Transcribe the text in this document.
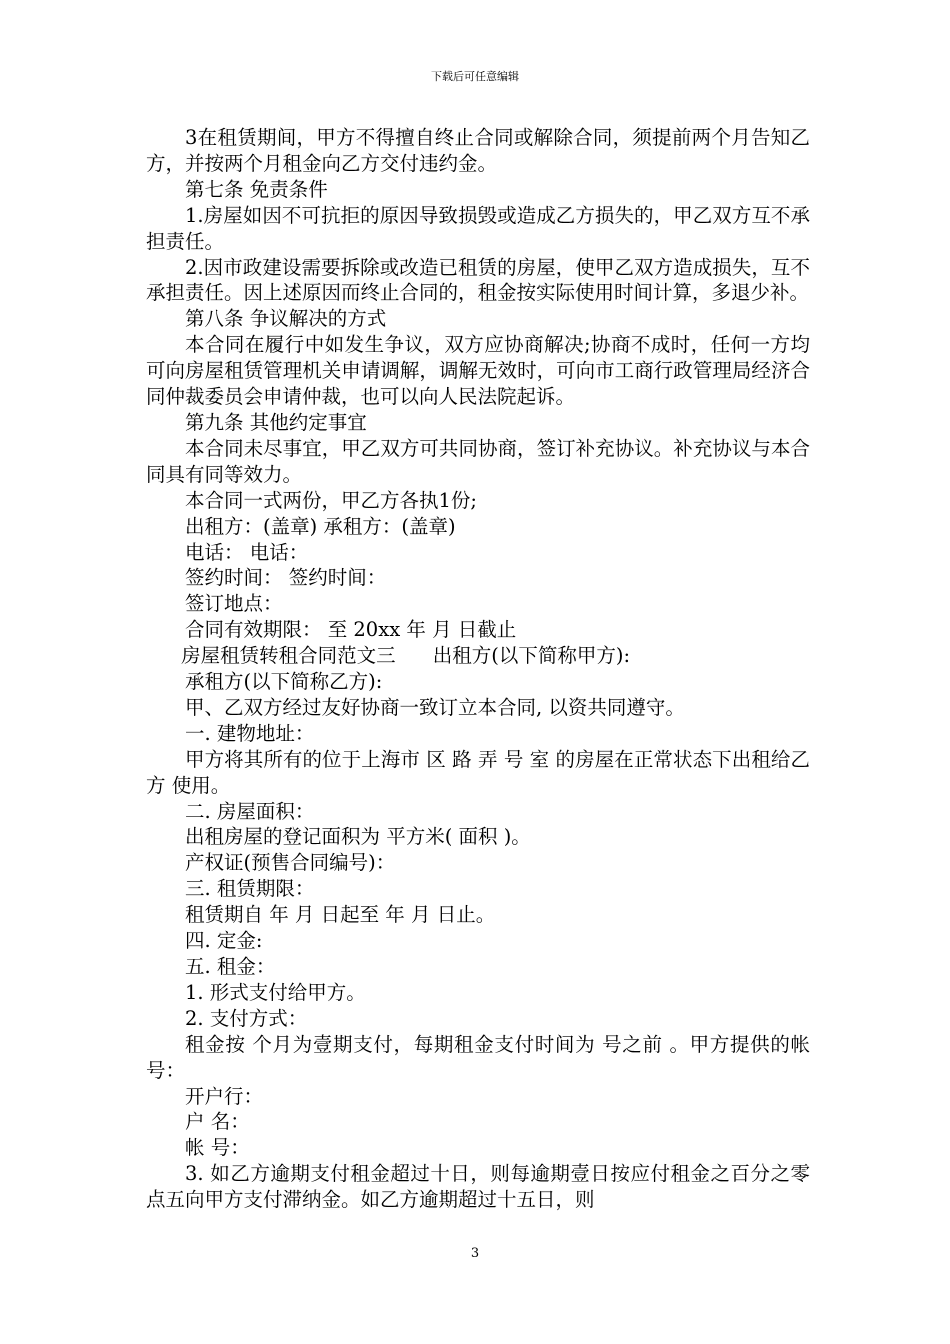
下载后可任意编辑

3在租赁期间，甲方不得擅自终止合同或解除合同，须提前两个月告知乙方，并按两个月租金向乙方交付违约金。

第七条 免责条件

1.房屋如因不可抗拒的原因导致损毁或造成乙方损失的，甲乙双方互不承担责任。

2.因市政建设需要拆除或改造已租赁的房屋，使甲乙双方造成损失，互不承担责任。因上述原因而终止合同的，租金按实际使用时间计算，多退少补。

第八条 争议解决的方式

本合同在履行中如发生争议，双方应协商解决;协商不成时，任何一方均可向房屋租赁管理机关申请调解，调解无效时，可向市工商行政管理局经济合同仲裁委员会申请仲裁，也可以向人民法院起诉。

第九条 其他约定事宜

本合同未尽事宜，甲乙双方可共同协商，签订补充协议。补充协议与本合同具有同等效力。

本合同一式两份，甲乙方各执1份;

出租方：(盖章) 承租方：(盖章)

电话： 电话：

签约时间： 签约时间：

签订地点：

合同有效期限： 至 20xx 年 月 日截止

房屋租赁转租合同范文三      出租方(以下简称甲方):

承租方(以下简称乙方):

甲、乙双方经过友好协商一致订立本合同, 以资共同遵守。

一. 建物地址：

甲方将其所有的位于上海市 区 路 弄 号 室 的房屋在正常状态下出租给乙方 使用。

二. 房屋面积：

出租房屋的登记面积为 平方米( 面积 )。

产权证(预售合同编号)：

三. 租赁期限：

租赁期自 年 月 日起至 年 月 日止。

四. 定金:

五. 租金：

1. 形式支付给甲方。

2. 支付方式：

租金按 个月为壹期支付，每期租金支付时间为 号之前 。甲方提供的帐号：

开户行：

户 名：

帐 号：

3. 如乙方逾期支付租金超过十日，则每逾期壹日按应付租金之百分之零点五向甲方支付滞纳金。如乙方逾期超过十五日，则

3
